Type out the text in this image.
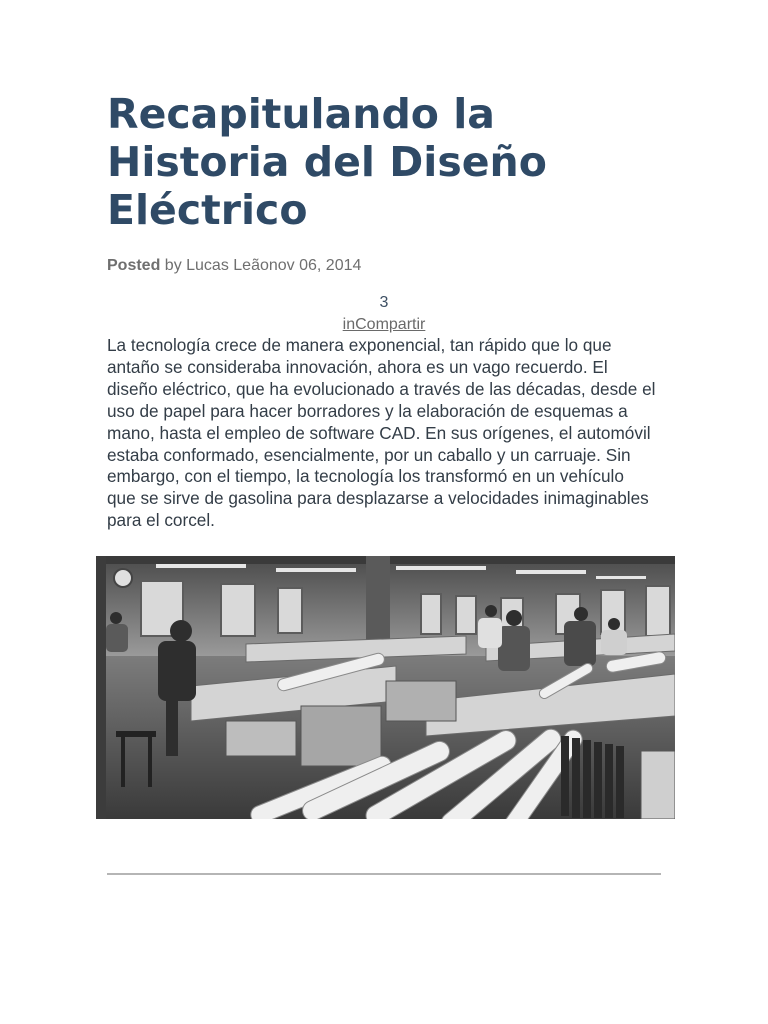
Recapitulando la Historia del Diseño Eléctrico
Posted by Lucas Leãonov 06, 2014
3
inCompartir

La tecnología crece de manera exponencial, tan rápido que lo que antaño se consideraba innovación, ahora es un vago recuerdo. El diseño eléctrico, que ha evolucionado a través de las décadas, desde el uso de papel para hacer borradores y la elaboración de esquemas a mano, hasta el empleo de software CAD. En sus orígenes, el automóvil estaba conformado, esencialmente, por un caballo y un carruaje. Sin embargo, con el tiempo, la tecnología los transformó en un vehículo que se sirve de gasolina para desplazarse a velocidades inimaginables para el corcel.
